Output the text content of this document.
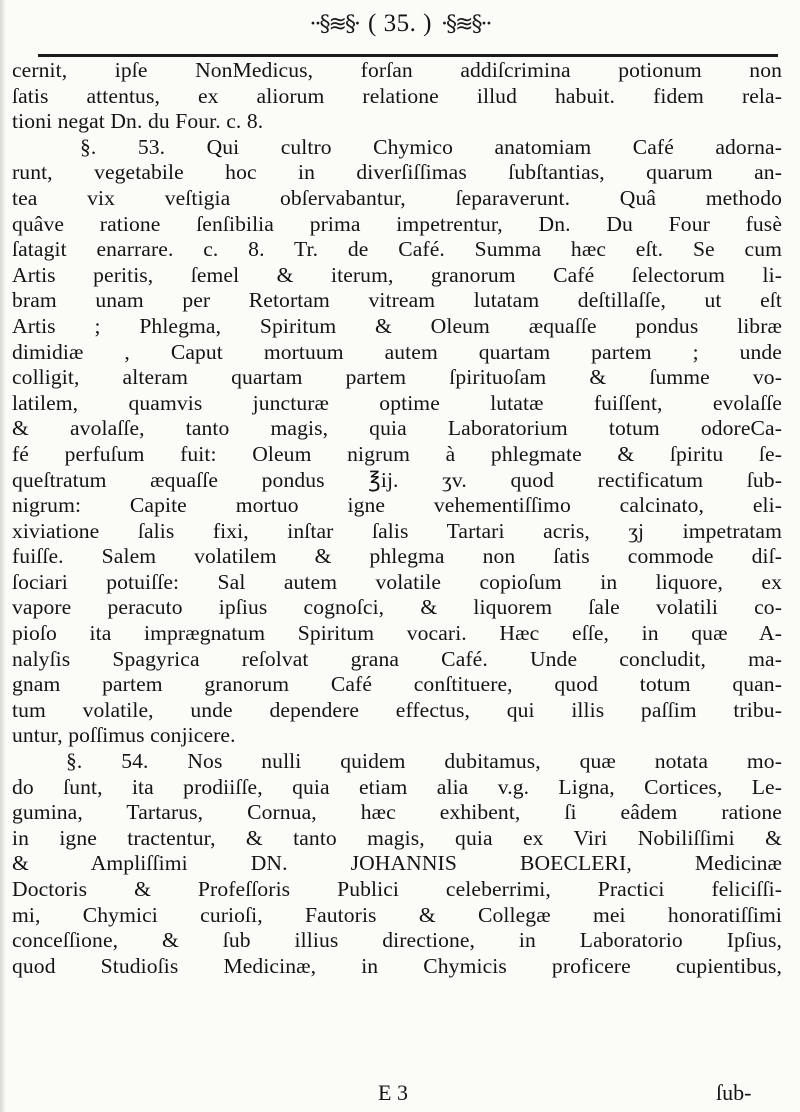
··§≋§· ( 35. ) ·§≋§··
cernit, ipſe NonMedicus, forſan addiſcrimina potionum non
ſatis attentus, ex aliorum relatione illud habuit. fidem rela-
tioni negat Dn. du Four. c. 8.
§. 53. Qui cultro Chymico anatomiam Café adorna-
runt, vegetabile hoc in diverſiſſimas ſubſtantias, quarum an-
tea vix veſtigia obſervabantur, ſeparaverunt. Quâ methodo
quâve ratione ſenſibilia prima impetrentur, Dn. Du Four fusè
ſatagit enarrare. c. 8. Tr. de Café. Summa hæc eſt. Se cum
Artis peritis, ſemel & iterum, granorum Café ſelectorum li-
bram unam per Retortam vitream lutatam deſtillaſſe, ut eſt
Artis ; Phlegma, Spiritum & Oleum æquaſſe pondus libræ
dimidiæ , Caput mortuum autem quartam partem ; unde
colligit, alteram quartam partem ſpirituoſam & ſumme vo-
latilem, quamvis juncturæ optime lutatæ fuiſſent, evolaſſe
& avolaſſe, tanto magis, quia Laboratorium totum odoreCa-
fé perfuſum fuit: Oleum nigrum à phlegmate & ſpiritu ſe-
queſtratum æquaſſe pondus ℥ij. ʒv. quod rectificatum ſub-
nigrum: Capite mortuo igne vehementiſſimo calcinato, eli-
xiviatione ſalis fixi, inſtar ſalis Tartari acris, ʒj impetratam
fuiſſe. Salem volatilem & phlegma non ſatis commode diſ-
ſociari potuiſſe: Sal autem volatile copioſum in liquore, ex
vapore peracuto ipſius cognoſci, & liquorem ſale volatili co-
pioſo ita imprægnatum Spiritum vocari. Hæc eſſe, in quæ A-
nalyſis Spagyrica reſolvat grana Café. Unde concludit, ma-
gnam partem granorum Café conſtituere, quod totum quan-
tum volatile, unde dependere effectus, qui illis paſſim tribu-
untur, poſſimus conjicere.
§. 54. Nos nulli quidem dubitamus, quæ notata mo-
do ſunt, ita prodiiſſe, quia etiam alia v.g. Ligna, Cortices, Le-
gumina, Tartarus, Cornua, hæc exhibent, ſi eâdem ratione
in igne tractentur, & tanto magis, quia ex Viri Nobiliſſimi &
& Ampliſſimi DN. JOHANNIS BOECLERI, Medicinæ
Doctoris & Profeſſoris Publici celeberrimi, Practici feliciſſi-
mi, Chymici curioſi, Fautoris & Collegæ mei honoratiſſimi
conceſſione, & ſub illius directione, in Laboratorio Ipſius,
quod Studioſis Medicinæ, in Chymicis proficere cupientibus,
E 3	ſub-
